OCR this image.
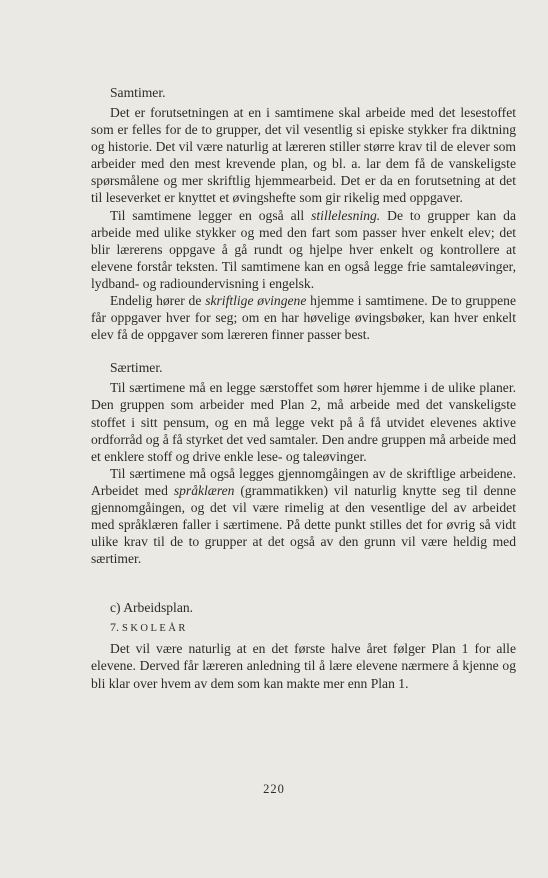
Samtimer.

Det er forutsetningen at en i samtimene skal arbeide med det lesestoffet som er felles for de to grupper, det vil vesentlig si episke stykker fra diktning og historie. Det vil være naturlig at læreren stiller større krav til de elever som arbeider med den mest krevende plan, og bl. a. lar dem få de vanskeligste spørsmålene og mer skriftlig hjemmearbeid. Det er da en forutsetning at det til leseverket er knyttet et øvingshefte som gir rikelig med oppgaver.

Til samtimene legger en også all stillelesning. De to grupper kan da arbeide med ulike stykker og med den fart som passer hver enkelt elev; det blir lærerens oppgave å gå rundt og hjelpe hver enkelt og kontrollere at elevene forstår teksten. Til samtimene kan en også legge frie samtaleøvinger, lydband- og radioundervisning i engelsk.

Endelig hører de skriftlige øvingene hjemme i samtimene. De to gruppene får oppgaver hver for seg; om en har høvelige øvingsbøker, kan hver enkelt elev få de oppgaver som læreren finner passer best.

Særtimer.

Til særtimene må en legge særstoffet som hører hjemme i de ulike planer. Den gruppen som arbeider med Plan 2, må arbeide med det vanskeligste stoffet i sitt pensum, og en må legge vekt på å få utvidet elevenes aktive ordforråd og å få styrket det ved samtaler. Den andre gruppen må arbeide med et enklere stoff og drive enkle lese- og taleøvinger.

Til særtimene må også legges gjennomgåingen av de skriftlige arbeidene. Arbeidet med språklæren (grammatikken) vil naturlig knytte seg til denne gjennomgåingen, og det vil være rimelig at den vesentlige del av arbeidet med språklæren faller i særtimene. På dette punkt stilles det for øvrig så vidt ulike krav til de to grupper at det også av den grunn vil være heldig med særtimer.

c) Arbeidsplan.
7. SKOLEÅR

Det vil være naturlig at en det første halve året følger Plan 1 for alle elevene. Derved får læreren anledning til å lære elevene nærmere å kjenne og bli klar over hvem av dem som kan makte mer enn Plan 1.

220
